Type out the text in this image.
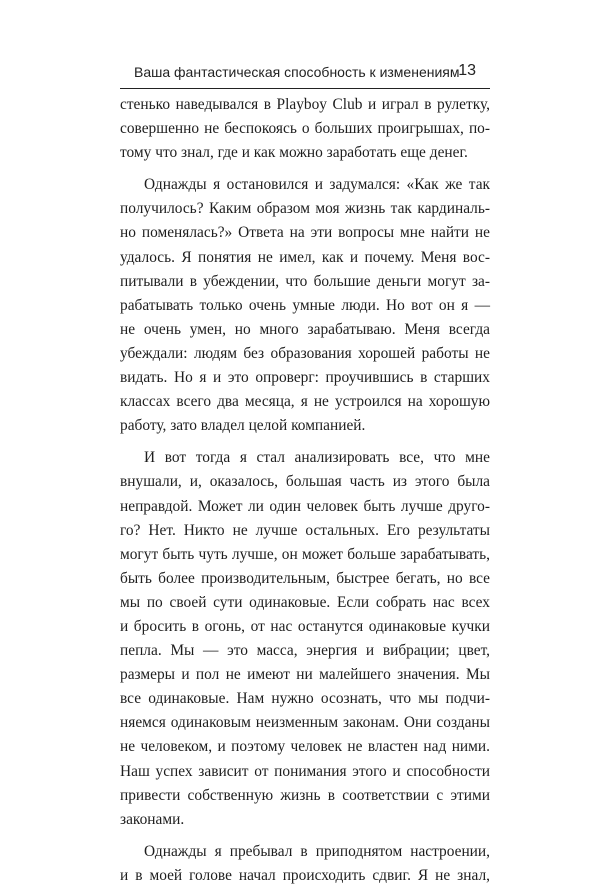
Ваша фантастическая способность к изменениям
13
стенько наведывался в Playboy Club и играл в рулетку,
совершенно не беспокоясь о больших проигрышах, по-
тому что знал, где и как можно заработать еще денег.
Однажды я остановился и задумался: «Как же так
получилось? Каким образом моя жизнь так кардиналь-
но поменялась?» Ответа на эти вопросы мне найти не
удалось. Я понятия не имел, как и почему. Меня вос-
питывали в убеждении, что большие деньги могут за-
рабатывать только очень умные люди. Но вот он я —
не очень умен, но много зарабатываю. Меня всегда
убеждали: людям без образования хорошей работы не
видать. Но я и это опроверг: проучившись в старших
классах всего два месяца, я не устроился на хорошую
работу, зато владел целой компанией.
И вот тогда я стал анализировать все, что мне
внушали, и, оказалось, большая часть из этого была
неправдой. Может ли один человек быть лучше друго-
го? Нет. Никто не лучше остальных. Его результаты
могут быть чуть лучше, он может больше зарабатывать,
быть более производительным, быстрее бегать, но все
мы по своей сути одинаковые. Если собрать нас всех
и бросить в огонь, от нас останутся одинаковые кучки
пепла. Мы — это масса, энергия и вибрации; цвет,
размеры и пол не имеют ни малейшего значения. Мы
все одинаковые. Нам нужно осознать, что мы подчи-
няемся одинаковым неизменным законам. Они созданы
не человеком, и поэтому человек не властен над ними.
Наш успех зависит от понимания этого и способности
привести собственную жизнь в соответствии с этими
законами.
Однажды я пребывал в приподнятом настроении,
и в моей голове начал происходить сдвиг. Я не знал,
